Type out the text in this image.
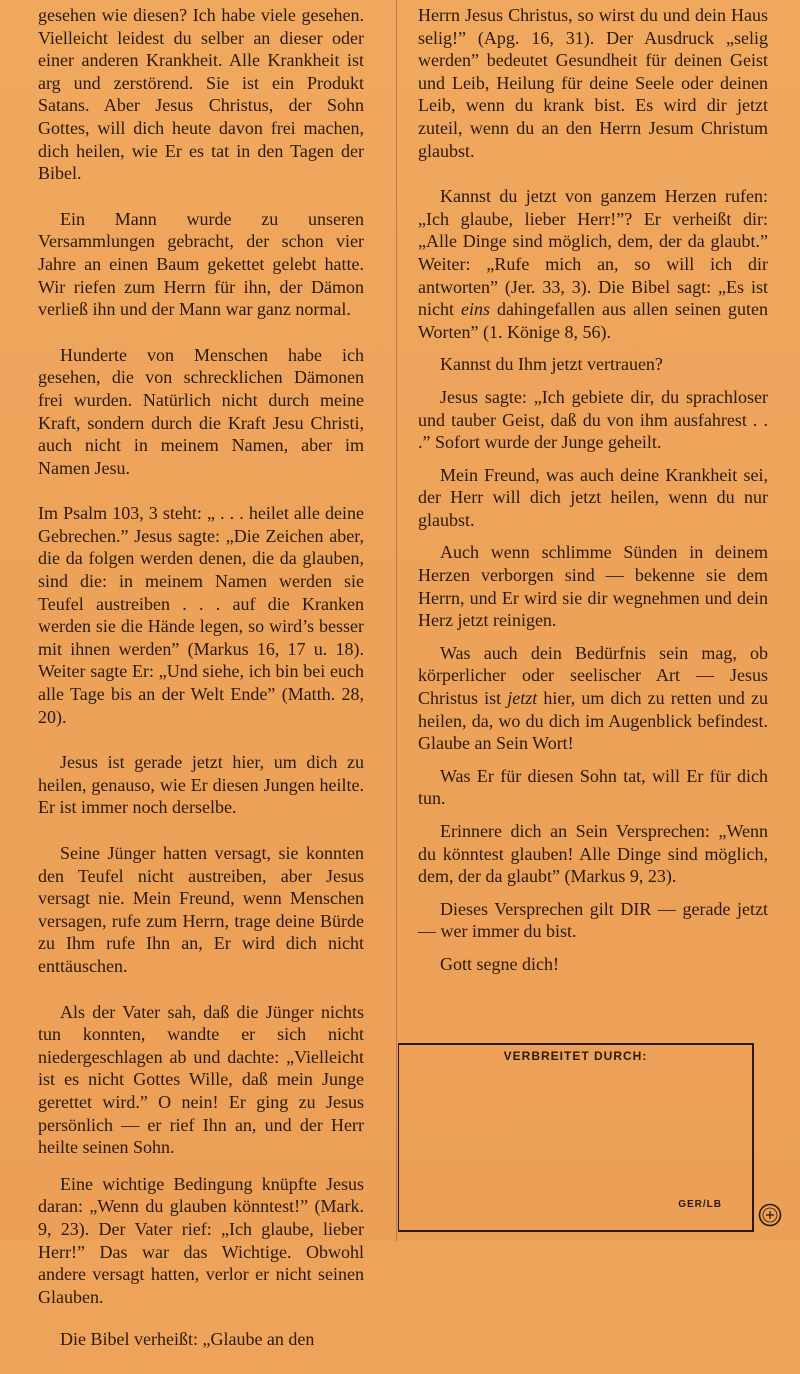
gesehen wie diesen? Ich habe viele gesehen. Vielleicht leidest du selber an dieser oder einer anderen Krankheit. Alle Krankheit ist arg und zerstörend. Sie ist ein Produkt Satans. Aber Jesus Christus, der Sohn Gottes, will dich heute davon frei machen, dich heilen, wie Er es tat in den Tagen der Bibel.

Ein Mann wurde zu unseren Versammlungen gebracht, der schon vier Jahre an einen Baum gekettet gelebt hatte. Wir riefen zum Herrn für ihn, der Dämon verließ ihn und der Mann war ganz normal.

Hunderte von Menschen habe ich gesehen, die von schrecklichen Dämonen frei wurden. Natürlich nicht durch meine Kraft, sondern durch die Kraft Jesu Christi, auch nicht in meinem Namen, aber im Namen Jesu.

Im Psalm 103, 3 steht: „ . . . heilet alle deine Gebrechen.” Jesus sagte: „Die Zeichen aber, die da folgen werden denen, die da glauben, sind die: in meinem Namen werden sie Teufel austreiben . . . auf die Kranken werden sie die Hände legen, so wird’s besser mit ihnen werden” (Markus 16, 17 u. 18). Weiter sagte Er: „Und siehe, ich bin bei euch alle Tage bis an der Welt Ende” (Matth. 28, 20).

Jesus ist gerade jetzt hier, um dich zu heilen, genauso, wie Er diesen Jungen heilte. Er ist immer noch derselbe.

Seine Jünger hatten versagt, sie konnten den Teufel nicht austreiben, aber Jesus versagt nie. Mein Freund, wenn Menschen versagen, rufe zum Herrn, trage deine Bürde zu Ihm rufe Ihn an, Er wird dich nicht enttäuschen.

Als der Vater sah, daß die Jünger nichts tun konnten, wandte er sich nicht niedergeschlagen ab und dachte: „Vielleicht ist es nicht Gottes Wille, daß mein Junge gerettet wird.” O nein! Er ging zu Jesus persönlich — er rief Ihn an, und der Herr heilte seinen Sohn.

Eine wichtige Bedingung knüpfte Jesus daran: „Wenn du glauben könntest!” (Mark. 9, 23). Der Vater rief: „Ich glaube, lieber Herr!” Das war das Wichtige. Obwohl andere versagt hatten, verlor er nicht seinen Glauben.

Die Bibel verheißt: „Glaube an den

Herrn Jesus Christus, so wirst du und dein Haus selig!” (Apg. 16, 31). Der Ausdruck „selig werden” bedeutet Gesundheit für deinen Geist und Leib, Heilung für deine Seele oder deinen Leib, wenn du krank bist. Es wird dir jetzt zuteil, wenn du an den Herrn Jesum Christum glaubst.

Kannst du jetzt von ganzem Herzen rufen: „Ich glaube, lieber Herr!”? Er verheißt dir: „Alle Dinge sind möglich, dem, der da glaubt.” Weiter: „Rufe mich an, so will ich dir antworten” (Jer. 33, 3). Die Bibel sagt: „Es ist nicht eins dahingefallen aus allen seinen guten Worten” (1. Könige 8, 56).

Kannst du Ihm jetzt vertrauen?

Jesus sagte: „Ich gebiete dir, du sprachloser und tauber Geist, daß du von ihm ausfahrest . . .” Sofort wurde der Junge geheilt.

Mein Freund, was auch deine Krankheit sei, der Herr will dich jetzt heilen, wenn du nur glaubst.

Auch wenn schlimme Sünden in deinem Herzen verborgen sind — bekenne sie dem Herrn, und Er wird sie dir wegnehmen und dein Herz jetzt reinigen.

Was auch dein Bedürfnis sein mag, ob körperlicher oder seelischer Art — Jesus Christus ist jetzt hier, um dich zu retten und zu heilen, da, wo du dich im Augenblick befindest. Glaube an Sein Wort!

Was Er für diesen Sohn tat, will Er für dich tun.

Erinnere dich an Sein Versprechen: „Wenn du könntest glauben! Alle Dinge sind möglich, dem, der da glaubt” (Markus 9, 23).

Dieses Versprechen gilt DIR — gerade jetzt — wer immer du bist.

Gott segne dich!

VERBREITET DURCH:
GER/LB
